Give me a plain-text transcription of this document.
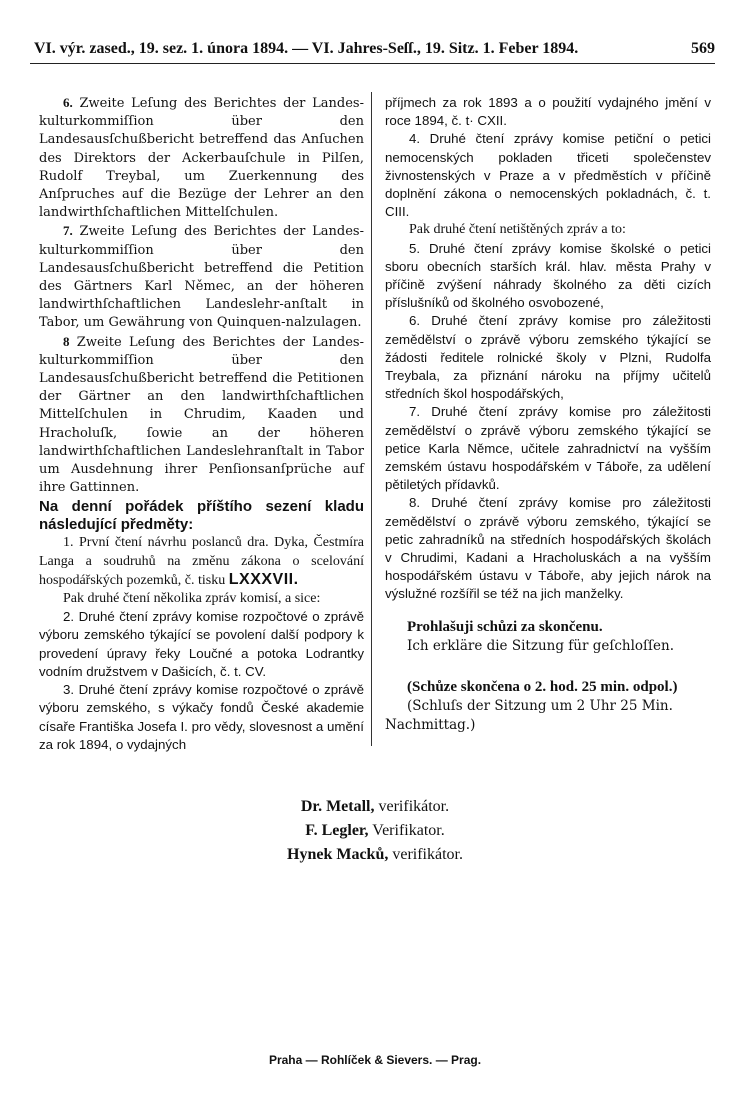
VI. výr. zased., 19. sez. 1. února 1894. — VI. Jahres-Seſſ., 19. Sitz. 1. Feber 1894.	569

6. Zweite Leſung des Berichtes der Landes-kulturkommiſſion über den Landesausſchußbericht betreffend das Anſuchen des Direktors der Ackerbauſchule in Pilſen, Rudolf Treybal, um Zuerkennung des Anſpruches auf die Bezüge der Lehrer an den landwirthſchaftlichen Mittelſchulen.

7. Zweite Leſung des Berichtes der Landes-kulturkommiſſion über den Landesausſchußbericht betreffend die Petition des Gärtners Karl Němec, an der höheren landwirthſchaftlichen Landeslehr-anſtalt in Tabor, um Gewährung von Quinquen-nalzulagen.

8 Zweite Leſung des Berichtes der Landes-kulturkommiſſion über den Landesausſchußbericht betreffend die Petitionen der Gärtner an den landwirthſchaftlichen Mittelſchulen in Chrudim, Kaaden und Hracholuſk, ſowie an der höheren landwirthſchaftlichen Landeslehranſtalt in Tabor um Ausdehnung ihrer Penſionsanſprüche auf ihre Gattinnen.

Na denní pořádek příštího sezení kladu následující předměty:

1. První čtení návrhu poslanců dra. Dyka, Čestmíra Langa a soudruhů na změnu zákona o scelování hospodářských pozemků, č. tisku LXXXVII.

Pak druhé čtení několika zpráv komisí, a sice:

2. Druhé čtení zprávy komise rozpočtové o zprávě výboru zemského týkající se povolení další podpory k provedení úpravy řeky Loučné a potoka Lodrantky vodním družstvem v Dašicích, č. t. CV.

3. Druhé čtení zprávy komise rozpočtové o zprávě výboru zemského, s výkačy fondů České akademie císaře Františka Josefa I. pro vědy, slovesnost a umění za rok 1894, o vydajných

příjmech za rok 1893 a o použití vydajného jmění v roce 1894, č. t· CXII.

4. Druhé čtení zprávy komise petiční o petici nemocenských pokladen třiceti společenstev živnostenských v Praze a v předměstích v příčině doplnění zákona o nemocenských pokladnách, č. t. CIII.

Pak druhé čtení netištěných zpráv a to:

5. Druhé čtení zprávy komise školské o petici sboru obecních starších král. hlav. města Prahy v příčině zvýšení náhrady školného za děti cizích příslušníků od školného osvobozené,

6. Druhé čtení zprávy komise pro záležitosti zemědělství o zprávě výboru zemského týkající se žádosti ředitele rolnické školy v Plzni, Rudolfa Treybala, za přiznání nároku na příjmy učitelů středních škol hospodářských,

7. Druhé čtení zprávy komise pro záležitosti zemědělství o zprávě výboru zemského týkající se petice Karla Němce, učitele zahradnictví na vyšším zemském ústavu hospodářském v Táboře, za udělení pětiletých přídavků.

8. Druhé čtení zprávy komise pro záležitosti zemědělství o zprávě výboru zemského, týkající se petic zahradníků na středních hospodářských školách v Chrudimi, Kadani a Hracholuskách a na vyšším hospodářském ústavu v Táboře, aby jejich nárok na výslužné rozšířil se též na jich manželky.

Prohlašuji schůzi za skončenu.

Ich erkläre die Sitzung für geſchloſſen.

(Schůze skončena o 2. hod. 25 min. odpol.)

(Schluſs der Sitzung um 2 Uhr 25 Min. Nachmittag.)

Dr. Metall, verifikátor.
F. Legler, Verifikator.
Hynek Macků, verifikátor.
Praha — Rohlíček & Sievers. — Prag.
